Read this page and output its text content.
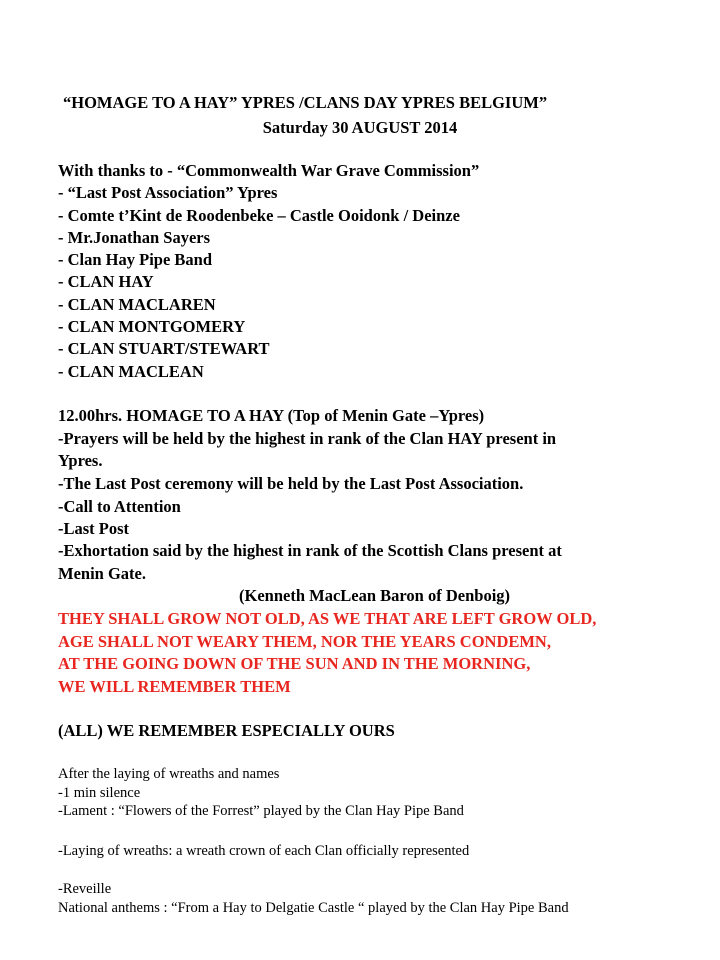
“HOMAGE TO A HAY” YPRES /CLANS DAY YPRES BELGIUM”
Saturday 30 AUGUST 2014
With thanks to - “Commonwealth War Grave Commission”
- “Last Post Association” Ypres
- Comte t’Kint de Roodenbeke – Castle Ooidonk / Deinze
- Mr.Jonathan Sayers
- Clan Hay Pipe Band
- CLAN HAY
- CLAN MACLAREN
- CLAN MONTGOMERY
- CLAN STUART/STEWART
- CLAN MACLEAN
12.00hrs. HOMAGE TO A HAY (Top of Menin Gate –Ypres)
-Prayers will be held by the highest in rank of the Clan HAY present in
Ypres.
-The Last Post ceremony will be held by the Last Post Association.
-Call to Attention
-Last Post
-Exhortation said by the highest in rank of the Scottish Clans present at
Menin Gate.
(Kenneth MacLean Baron of Denboig)
THEY SHALL GROW NOT OLD, AS WE THAT ARE LEFT GROW OLD,
AGE SHALL NOT WEARY THEM, NOR THE YEARS CONDEMN,
AT THE GOING DOWN OF THE SUN AND IN THE MORNING,
WE WILL REMEMBER THEM
(ALL) WE REMEMBER ESPECIALLY OURS
After the laying of wreaths and names
-1 min silence
-Lament : “Flowers of the Forrest” played by the Clan Hay Pipe Band
-Laying of wreaths: a wreath crown of each Clan officially represented
-Reveille
National anthems : “From a Hay to Delgatie Castle “ played by the Clan Hay Pipe Band
